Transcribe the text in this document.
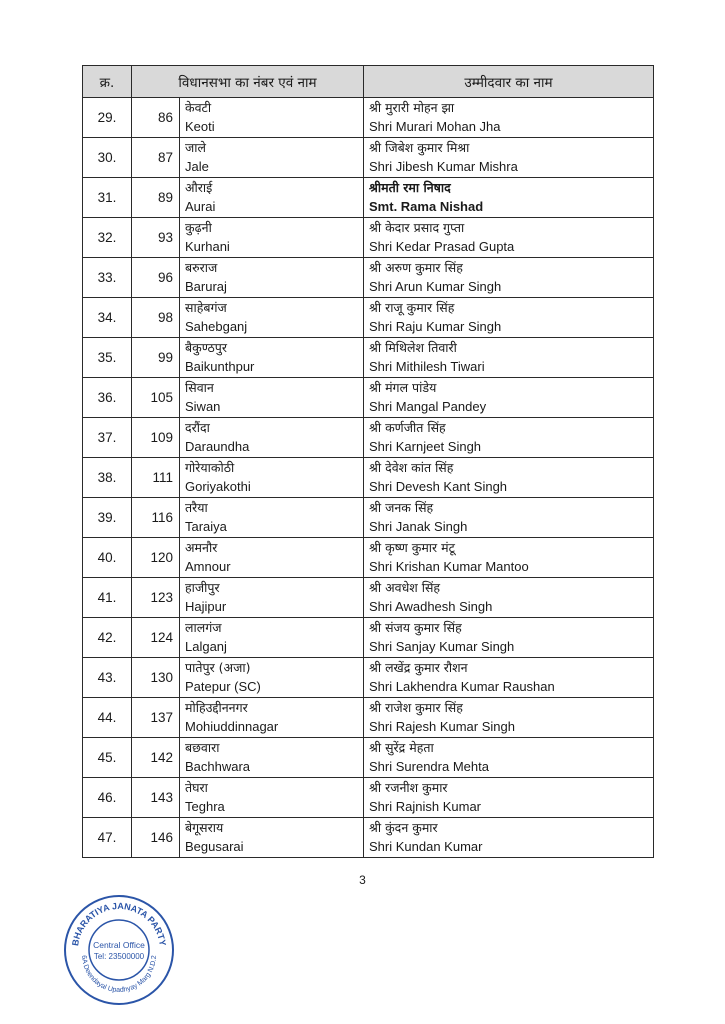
क्र.	विधानसभा का नंबर एवं नाम		उम्मीदवार का नाम
29.	86	केवटी
Keoti	श्री मुरारी मोहन झा
Shri Murari Mohan Jha

30.	87	जाले
Jale	श्री जिबेश कुमार मिश्रा
Shri Jibesh Kumar Mishra

31.	89	औराई
Aurai	श्रीमती रमा निषाद
Smt. Rama Nishad

32.	93	कुढ़नी
Kurhani	श्री केदार प्रसाद गुप्ता
Shri Kedar Prasad Gupta

33.	96	बरुराज
Baruraj	श्री अरुण कुमार सिंह
Shri Arun Kumar Singh

34.	98	साहेबगंज
Sahebganj	श्री राजू कुमार सिंह
Shri Raju Kumar Singh

35.	99	बैकुण्ठपुर
Baikunthpur	श्री मिथिलेश तिवारी
Shri Mithilesh Tiwari

36.	105	सिवान
Siwan	श्री मंगल पांडेय
Shri Mangal Pandey

37.	109	दरौंदा
Daraundha	श्री कर्णजीत सिंह
Shri Karnjeet Singh

38.	111	गोरेयाकोठी
Goriyakothi	श्री देवेश कांत सिंह
Shri Devesh Kant Singh

39.	116	तरैया
Taraiya	श्री जनक सिंह
Shri Janak Singh

40.	120	अमनौर
Amnour	श्री कृष्ण कुमार मंटू
Shri Krishan Kumar Mantoo

41.	123	हाजीपुर
Hajipur	श्री अवधेश सिंह
Shri Awadhesh Singh

42.	124	लालगंज
Lalganj	श्री संजय कुमार सिंह
Shri Sanjay Kumar Singh

43.	130	पातेपुर (अजा)
Patepur (SC)	श्री लखेंद्र कुमार रौशन
Shri Lakhendra Kumar Raushan

44.	137	मोहिउद्दीननगर
Mohiuddinnagar	श्री राजेश कुमार सिंह
Shri Rajesh Kumar Singh

45.	142	बछवारा
Bachhwara	श्री सुरेंद्र मेहता
Shri Surendra Mehta

46.	143	तेघरा
Teghra	श्री रजनीश कुमार
Shri Rajnish Kumar

47.	146	बेगूसराय
Begusarai	श्री कुंदन कुमार
Shri Kundan Kumar
3
BHARATIYA JANATA PARTY
6A Deendayal Upadhyay Marg N.D.2
Central Office
Tel: 23500000
